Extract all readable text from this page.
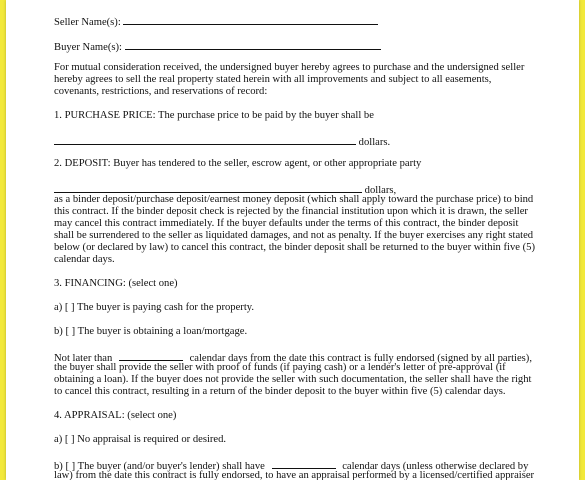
Seller Name(s):
Buyer Name(s):
For mutual consideration received, the undersigned buyer hereby agrees to purchase and the undersigned seller
hereby agrees to sell the real property stated herein with all improvements and subject to all easements,
covenants, restrictions, and reservations of record:
1. PURCHASE PRICE: The purchase price to be paid by the buyer shall be
dollars.
2. DEPOSIT: Buyer has tendered to the seller, escrow agent, or other appropriate party
dollars,
as a binder deposit/purchase deposit/earnest money deposit (which shall apply toward the purchase price) to bind
this contract. If the binder deposit check is rejected by the financial institution upon which it is drawn, the seller
may cancel this contract immediately. If the buyer defaults under the terms of this contract, the binder deposit
shall be surrendered to the seller as liquidated damages, and not as penalty. If the buyer exercises any right stated
below (or declared by law) to cancel this contract, the binder deposit shall be returned to the buyer within five (5)
calendar days.
3. FINANCING: (select one)
a) [ ] The buyer is paying cash for the property.
b) [ ] The buyer is obtaining a loan/mortgage.
Not later than	calendar days from the date this contract is fully endorsed (signed by all parties),
the buyer shall provide the seller with proof of funds (if paying cash) or a lender's letter of pre-approval (if
obtaining a loan). If the buyer does not provide the seller with such documentation, the seller shall have the right
to cancel this contract, resulting in a return of the binder deposit to the buyer within five (5) calendar days.
4. APPRAISAL: (select one)
a) [ ] No appraisal is required or desired.
b) [ ] The buyer (and/or buyer's lender) shall have	calendar days (unless otherwise declared by
law) from the date this contract is fully endorsed, to have an appraisal performed by a licensed/certified appraiser
